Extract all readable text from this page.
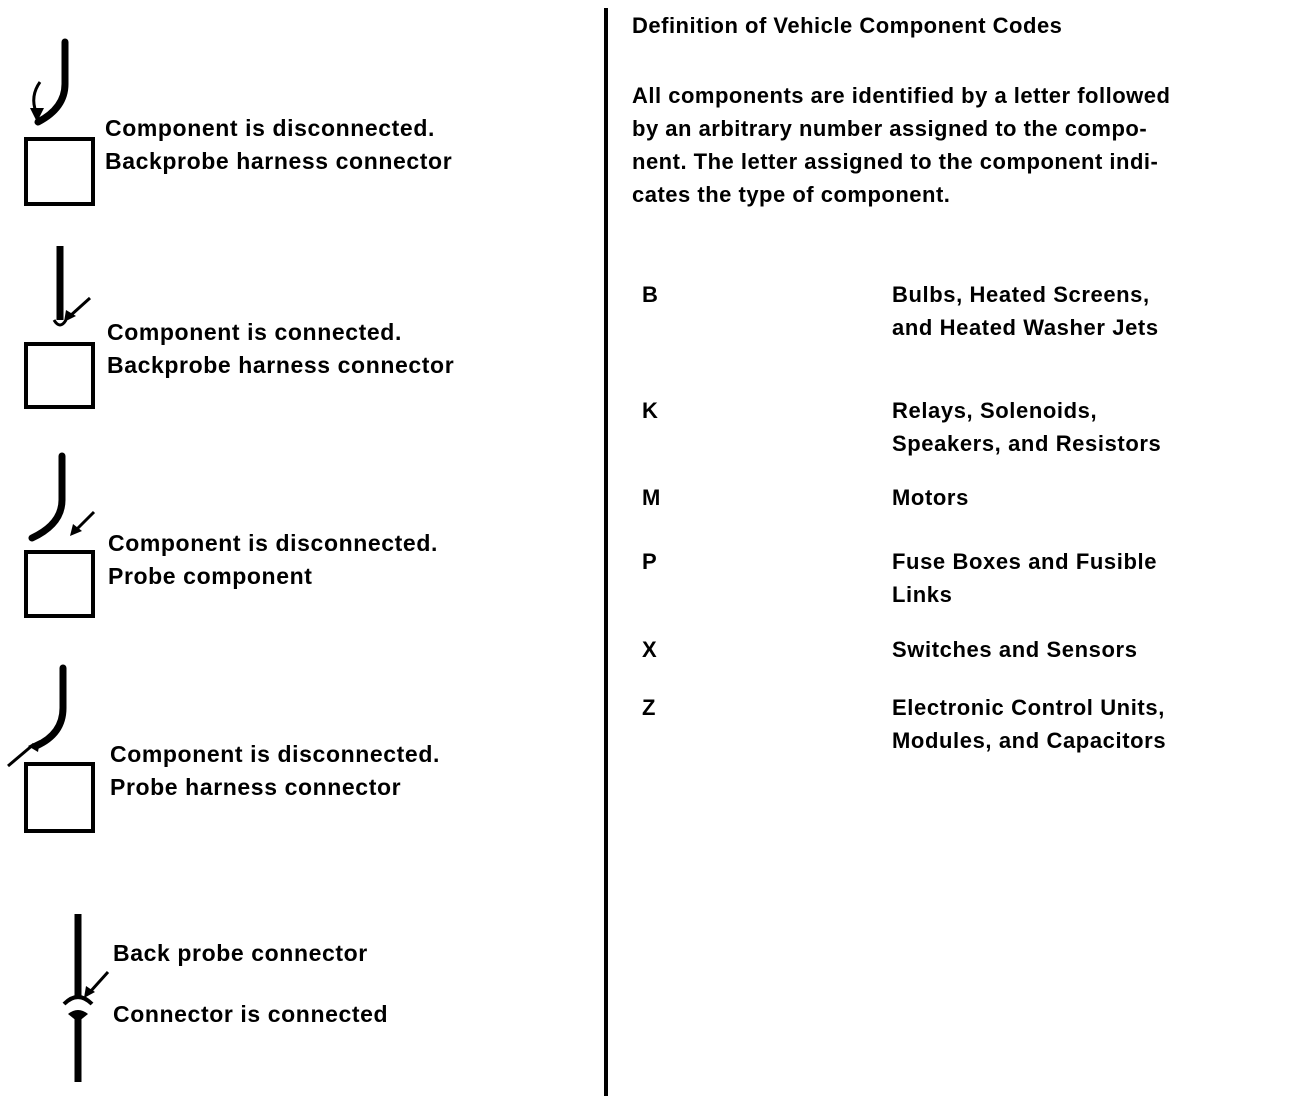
Component is disconnected.
Backprobe harness connector
Component is connected.
Backprobe harness connector
Component is disconnected.
Probe component
Component is disconnected.
Probe harness connector
Back probe connector
Connector is connected
Definition of Vehicle Component Codes
All components are identified by a letter followed
by an arbitrary number assigned to the compo-
nent. The letter assigned to the component indi-
cates the type of component.
B	Bulbs, Heated Screens,
and Heated Washer Jets
K	Relays, Solenoids,
Speakers, and Resistors
M	Motors
P	Fuse Boxes and Fusible
Links
X	Switches and Sensors
Z	Electronic Control Units,
Modules, and Capacitors
